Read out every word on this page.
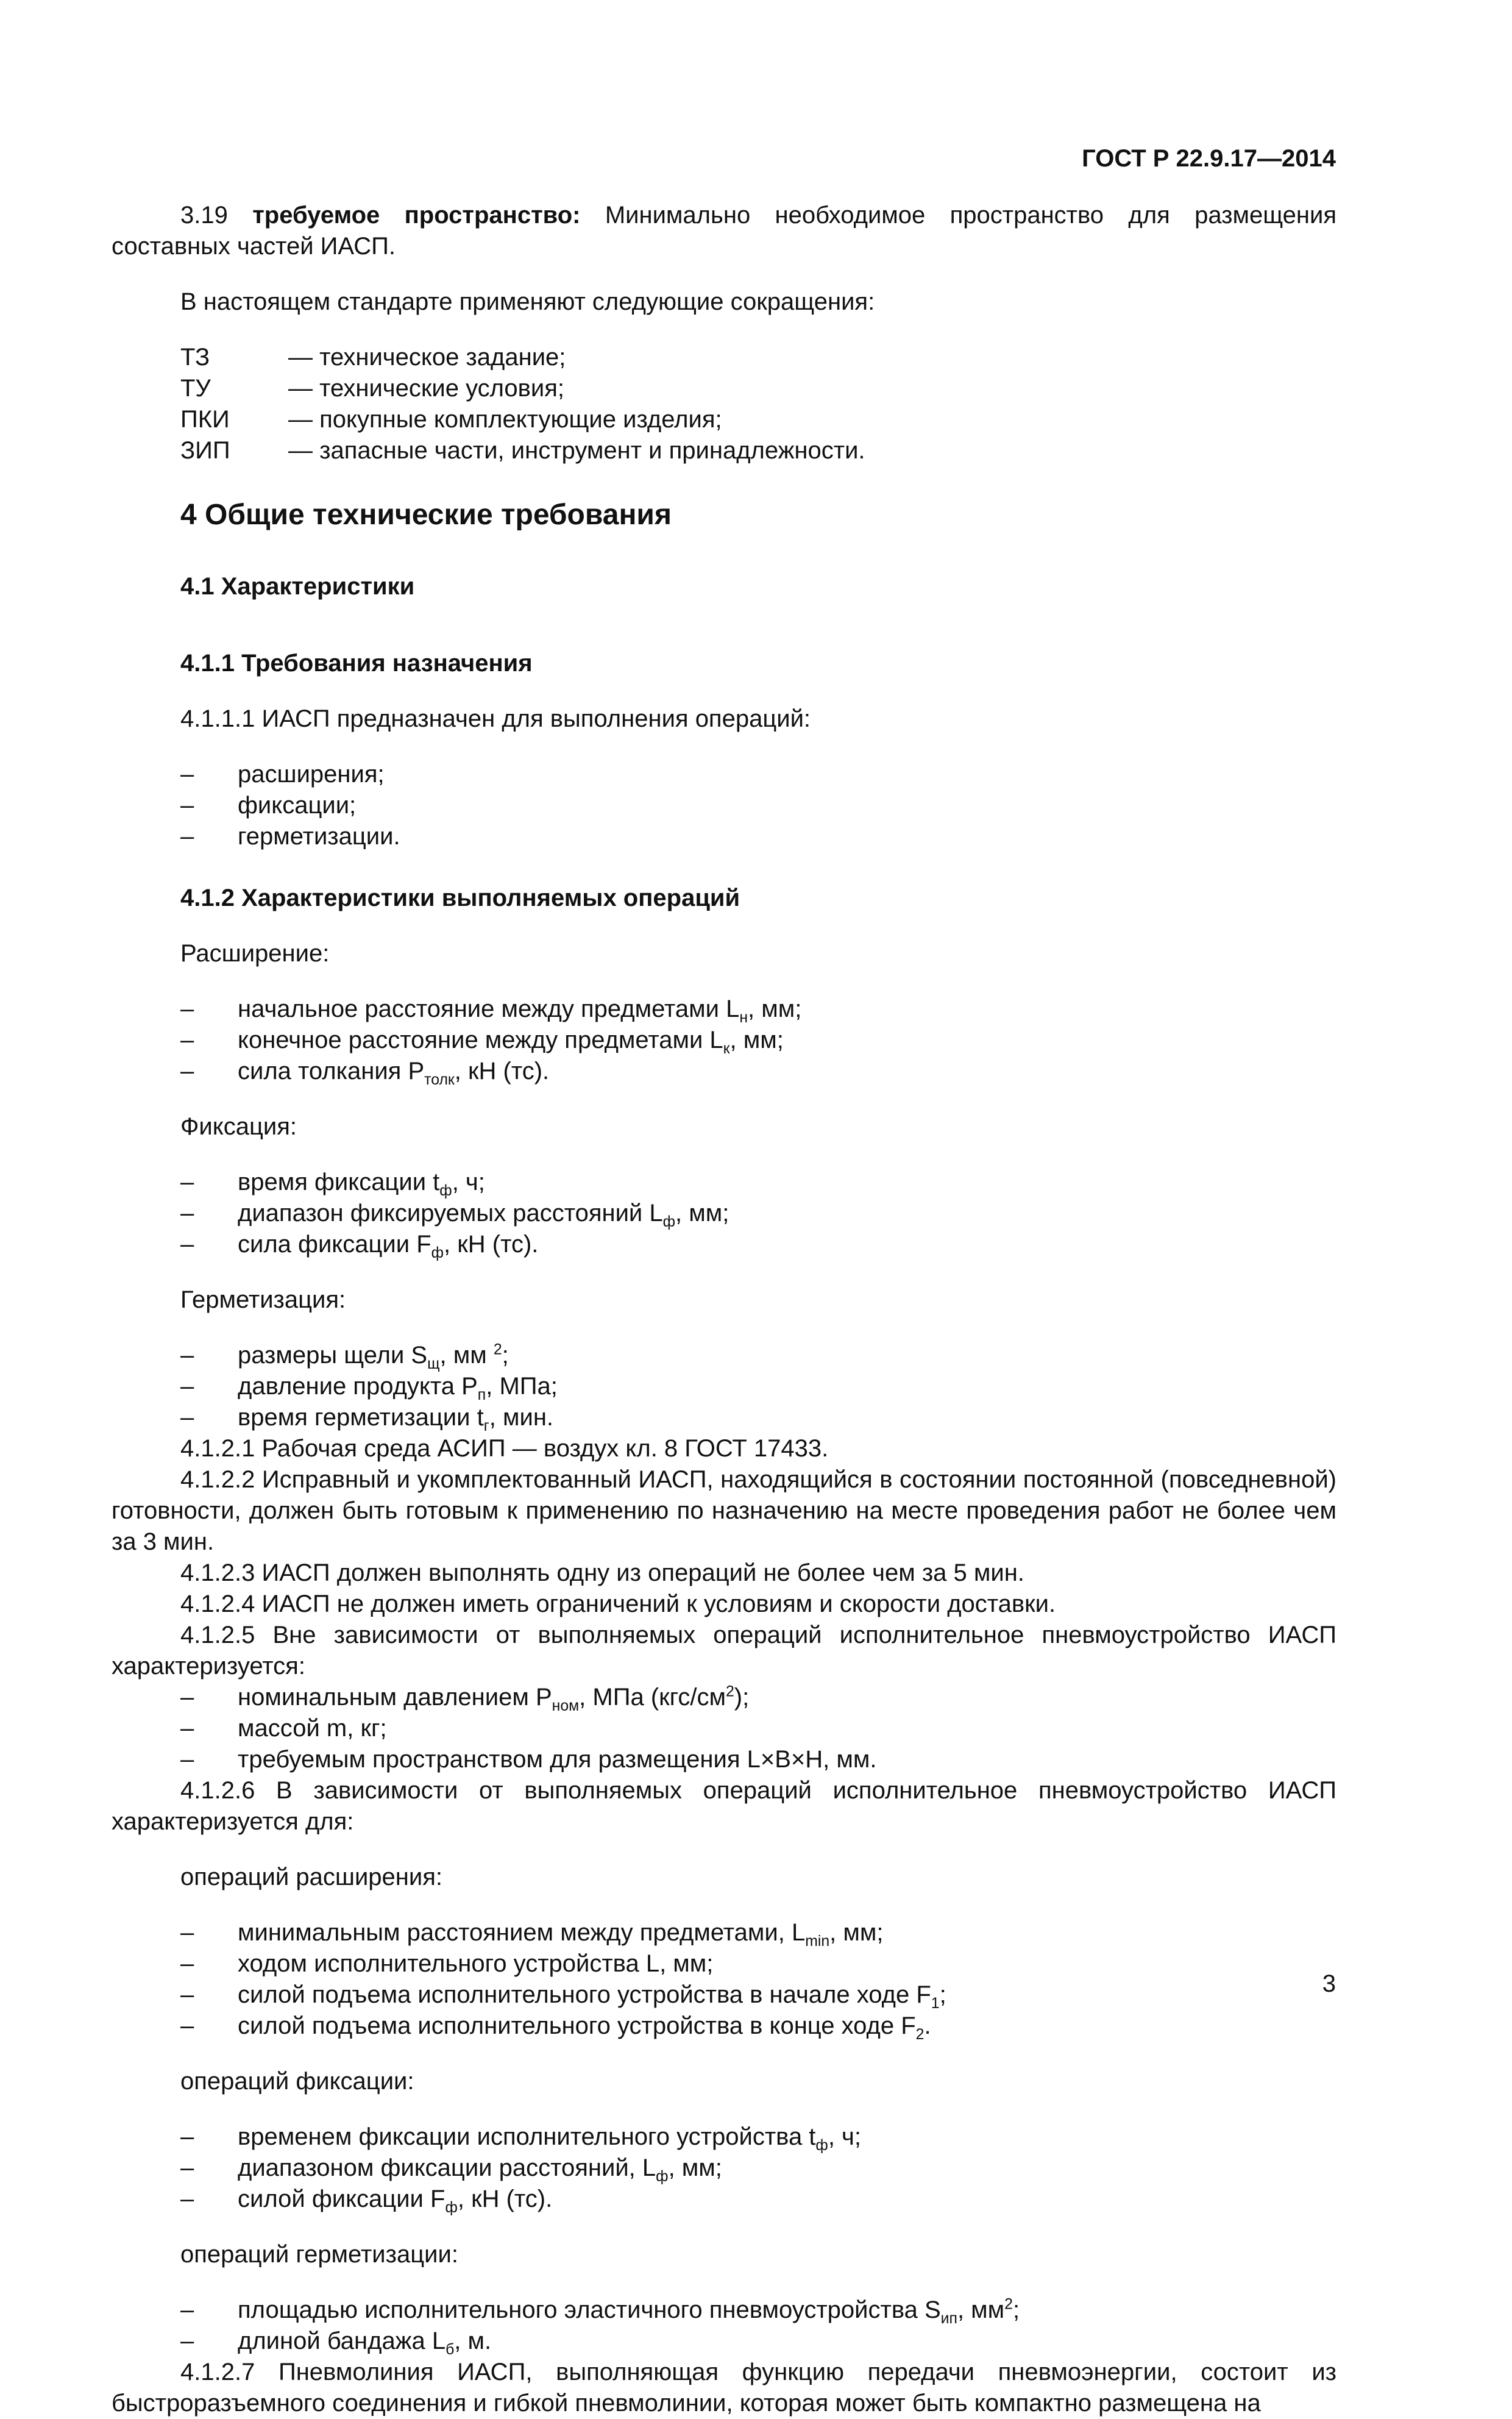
ГОСТ Р 22.9.17—2014

3.19 требуемое пространство: Минимально необходимое пространство для размещения составных частей ИАСП.

В настоящем стандарте применяют следующие сокращения:

ТЗ	— техническое задание;
ТУ	— технические условия;
ПКИ — покупные комплектующие изделия;
ЗИП — запасные части, инструмент и принадлежности.
4 Общие технические требования
4.1 Характеристики
4.1.1 Требования назначения

4.1.1.1 ИАСП предназначен для выполнения операций:

– расширения;
– фиксации;
– герметизации.
4.1.2 Характеристики выполняемых операций

Расширение:

– начальное расстояние между предметами $L_н$, мм;
– конечное расстояние между предметами $L_к$, мм;
– сила толкания $P_{толк}$, кН (тс).

Фиксация:

– время фиксации $t_ф$, ч;
– диапазон фиксируемых расстояний $L_ф$, мм;
– сила фиксации $F_ф$, кН (тс).

Герметизация:

– размеры щели $S_щ$, мм $^2$;
– давление продукта $P_п$, МПа;
– время герметизации $t_г$, мин.

4.1.2.1 Рабочая среда АСИП — воздух кл. 8 ГОСТ 17433.

4.1.2.2 Исправный и укомплектованный ИАСП, находящийся в состоянии постоянной (повседневной) готовности, должен быть готовым к применению по назначению на месте проведения работ не более чем за 3 мин.

4.1.2.3 ИАСП должен выполнять одну из операций не более чем за 5 мин.

4.1.2.4 ИАСП не должен иметь ограничений к условиям и скорости доставки.

4.1.2.5 Вне зависимости от выполняемых операций исполнительное пневмоустройство ИАСП характеризуется:

– номинальным давлением $P_{ном}$, МПа $(кгс/см^2)$;
– массой m, кг;
– требуемым пространством для размещения L×B×H, мм.

4.1.2.6 В зависимости от выполняемых операций исполнительное пневмоустройство ИАСП характеризуется для:

операций расширения:

– минимальным расстоянием между предметами, $L_{min}$, мм;
– ходом исполнительного устройства L, мм;
– силой подъема исполнительного устройства в начале ходе $F_1$;
– силой подъема исполнительного устройства в конце ходе $F_2$.

операций фиксации:

– временем фиксации исполнительного устройства $t_ф$, ч;
– диапазоном фиксации расстояний, $L_ф$, мм;
– силой фиксации $F_ф$, кН (тс).

операций герметизации:

– площадью исполнительного эластичного пневмоустройства $S_{ип}$, $мм^2$;
– длиной бандажа $L_б$, м.

4.1.2.7 Пневмолиния ИАСП, выполняющая функцию передачи пневмоэнергии, состоит из быстроразъемного соединения и гибкой пневмолинии, которая может быть компактно размещена на

3
